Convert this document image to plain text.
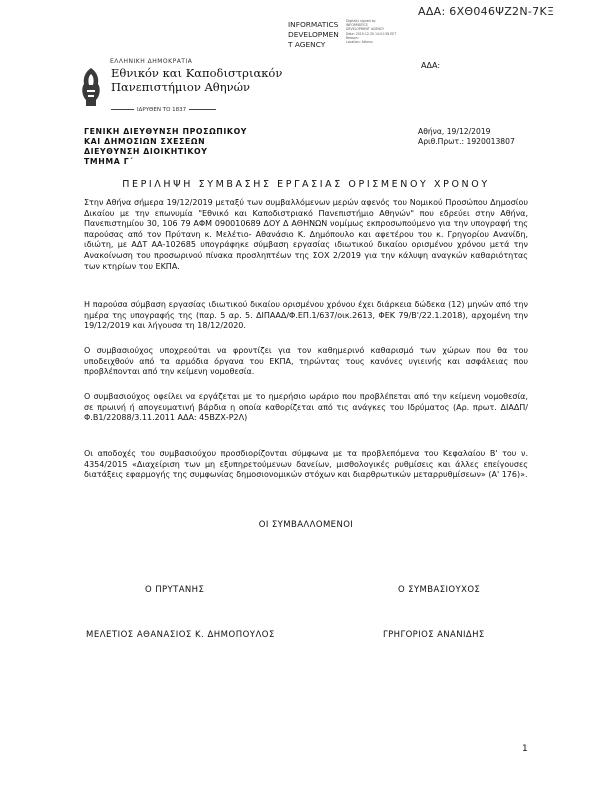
ΑΔΑ: 6ΧΘ046ΨΖ2Ν-7ΚΞ
INFORMATICS
DEVELOPMEN
T AGENCY
Digitally signed by
INFORMATICS
DEVELOPMENT AGENCY
Date: 2019.12.30 14:01:58 EET
Reason:
Location: Athens
ΑΔΑ:
ΕΛΛΗΝΙΚΗ ΔΗΜΟΚΡΑΤΙΑ
Εθνικόν και Καποδιστριακόν
Πανεπιστήμιον Αθηνών
ΙΔΡΥΘΕΝ ΤΟ 1837
ΓΕΝΙΚΗ ΔΙΕΥΘΥΝΣΗ ΠΡΟΣΩΠΙΚΟΥ
ΚΑΙ ΔΗΜΟΣΙΩΝ ΣΧΕΣΕΩΝ
ΔΙΕΥΘΥΝΣΗ ΔΙΟΙΚΗΤΙΚΟΥ
ΤΜΗΜΑ Γ΄
Αθήνα, 19/12/2019
Αριθ.Πρωτ.: 1920013807
ΠΕΡΙΛΗΨΗ ΣΥΜΒΑΣΗΣ ΕΡΓΑΣΙΑΣ ΟΡΙΣΜΕΝΟΥ ΧΡΟΝΟΥ
Στην Αθήνα σήμερα 19/12/2019 μεταξύ των συμβαλλόμενων μερών αφενός του Νομικού Προσώπου Δημοσίου Δικαίου με την επωνυμία "Εθνικό και Καποδιστριακό Πανεπιστήμιο Αθηνών" που εδρεύει στην Αθήνα, Πανεπιστημίου 30, 106 79 ΑΦΜ 090010689 ΔΟΥ Δ ΑΘΗΝΩΝ νομίμως εκπροσωπούμενο για την υπογραφή της παρούσας από τον Πρύτανη κ. Μελέτιο- Αθανάσιο Κ. Δημόπουλο και αφετέρου του κ. Γρηγορίου Ανανίδη, ιδιώτη, με ΑΔΤ ΑΑ-102685 υπογράφηκε σύμβαση εργασίας ιδιωτικού δικαίου ορισμένου χρόνου μετά την Ανακοίνωση του προσωρινού πίνακα προσληπτέων της ΣΟΧ 2/2019 για την κάλυψη αναγκών καθαριότητας των κτηρίων του ΕΚΠΑ.
Η παρούσα σύμβαση εργασίας ιδιωτικού δικαίου ορισμένου χρόνου έχει διάρκεια δώδεκα (12) μηνών από την ημέρα της υπογραφής της (παρ. 5 αρ. 5. ΔΙΠΑΑΔ/Φ.ΕΠ.1/637/οικ.2613, ΦΕΚ 79/Β'/22.1.2018), αρχομένη την 19/12/2019 και λήγουσα τη 18/12/2020.
Ο συμβασιούχος υποχρεούται να φροντίζει για τον καθημερινό καθαρισμό των χώρων που θα του υποδειχθούν από τα αρμόδια όργανα του ΕΚΠΑ, τηρώντας τους κανόνες υγιεινής και ασφάλειας που προβλέπονται από την κείμενη νομοθεσία.
Ο συμβασιούχος οφείλει να εργάζεται με το ημερήσιο ωράριο που προβλέπεται από την κείμενη νομοθεσία, σε πρωινή ή απογευματινή βάρδια η οποία καθορίζεται από τις ανάγκες του Ιδρύματος (Αρ. πρωτ. ΔΙΑΔΠ/Φ.Β1/22088/3.11.2011 ΑΔΑ: 45ΒΖΧ-Ρ2Λ)
Οι αποδοχές του συμβασιούχου προσδιορίζονται σύμφωνα με τα προβλεπόμενα του Κεφαλαίου Β' του ν. 4354/2015 «Διαχείριση των μη εξυπηρετούμενων δανείων, μισθολογικές ρυθμίσεις και άλλες επείγουσες διατάξεις εφαρμογής της συμφωνίας δημοσιονομικών στόχων και διαρθρωτικών μεταρρυθμίσεων» (Α' 176)».
ΟΙ ΣΥΜΒΑΛΛΟΜΕΝΟΙ
Ο ΠΡΥΤΑΝΗΣ	Ο ΣΥΜΒΑΣΙΟΥΧΟΣ
ΜΕΛΕΤΙΟΣ ΑΘΑΝΑΣΙΟΣ Κ. ΔΗΜΟΠΟΥΛΟΣ	ΓΡΗΓΟΡΙΟΣ ΑΝΑΝΙΔΗΣ
1
